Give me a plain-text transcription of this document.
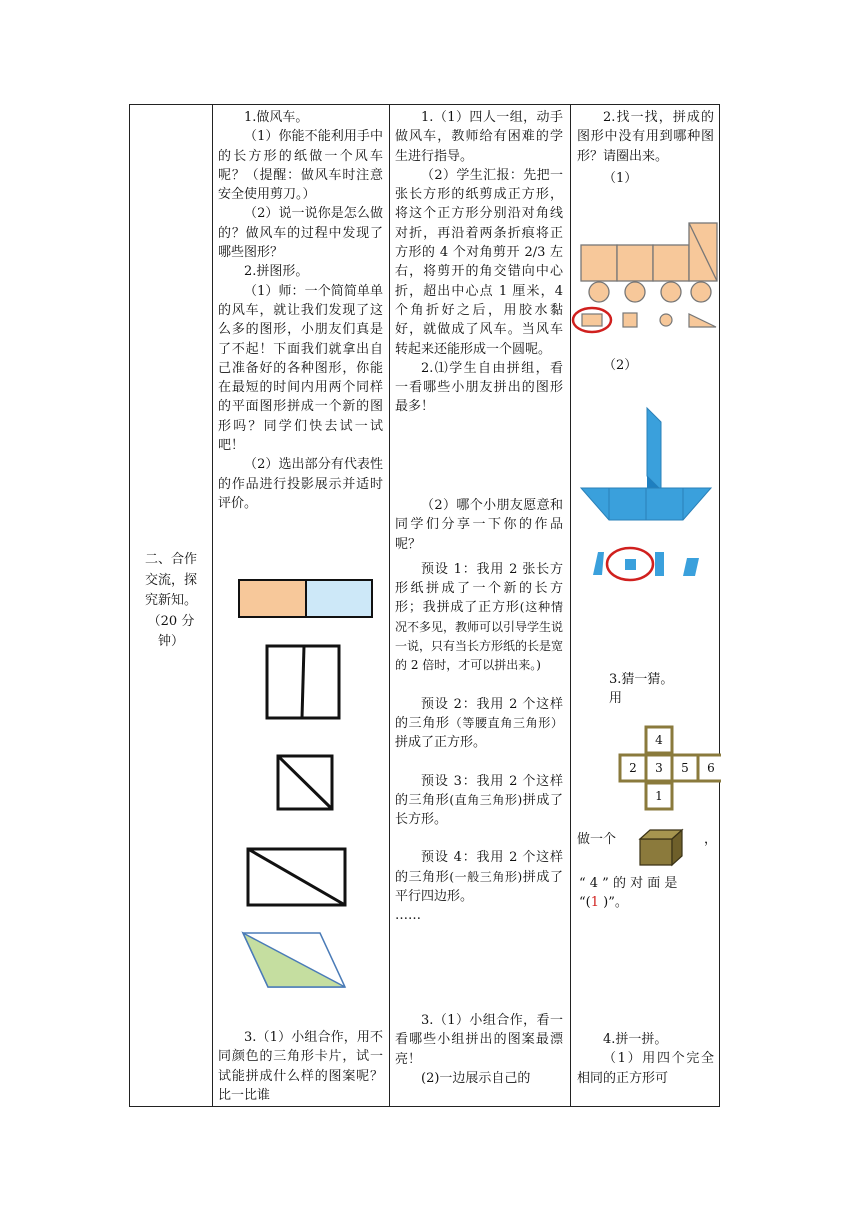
二、合作
交流，探
究新知。
（20 分
钟）

1.做风车。

（1）你能不能利用手中的长方形的纸做一个风车呢？（提醒：做风车时注意安全使用剪刀。）

（2）说一说你是怎么做的？做风车的过程中发现了哪些图形？

2.拼图形。

（1）师：一个简简单单的风车，就让我们发现了这么多的图形，小朋友们真是了不起！下面我们就拿出自己准备好的各种图形，你能在最短的时间内用两个同样的平面图形拼成一个新的图形吗？同学们快去试一试吧！

（2）选出部分有代表性的作品进行投影展示并适时评价。

3.（1）小组合作，用不同颜色的三角形卡片，试一试能拼成什么样的图案呢？比一比谁

1.（1）四人一组，动手做风车，教师给有困难的学生进行指导。

（2）学生汇报：先把一张长方形的纸剪成正方形，将这个正方形分别沿对角线对折，再沿着两条折痕将正方形的 4 个对角剪开 2/3 左右，将剪开的角交错向中心折，超出中心点 1 厘米，4 个角折好之后，用胶水黏好，就做成了风车。当风车转起来还能形成一个圆呢。

2.⑴学生自由拼组，看一看哪些小朋友拼出的图形最多！

（2）哪个小朋友愿意和同学们分享一下你的作品呢？

预设 1：我用 2 张长方形纸拼成了一个新的长方形；我拼成了正方形(这种情况不多见，教师可以引导学生说一说，只有当长方形纸的长是宽的 2 倍时，才可以拼出来。)

预设 2：我用 2 个这样的三角形（等腰直角三角形）拼成了正方形。

预设 3：我用 2 个这样的三角形(直角三角形)拼成了长方形。

预设 4：我用 2 个这样的三角形(一般三角形)拼成了平行四边形。

……

3.（1）小组合作，看一看哪些小组拼出的图案最漂亮！

(2)一边展示自己的

2.找一找，拼成的图形中没有用到哪种图形？请圈出来。

（1）

（2）

3.猜一猜。

用

4
2 3 5 6
1
做一个	，

“ 4 ” 的 对 面 是

“(1 )”。

4.拼一拼。

（1）用四个完全相同的正方形可
